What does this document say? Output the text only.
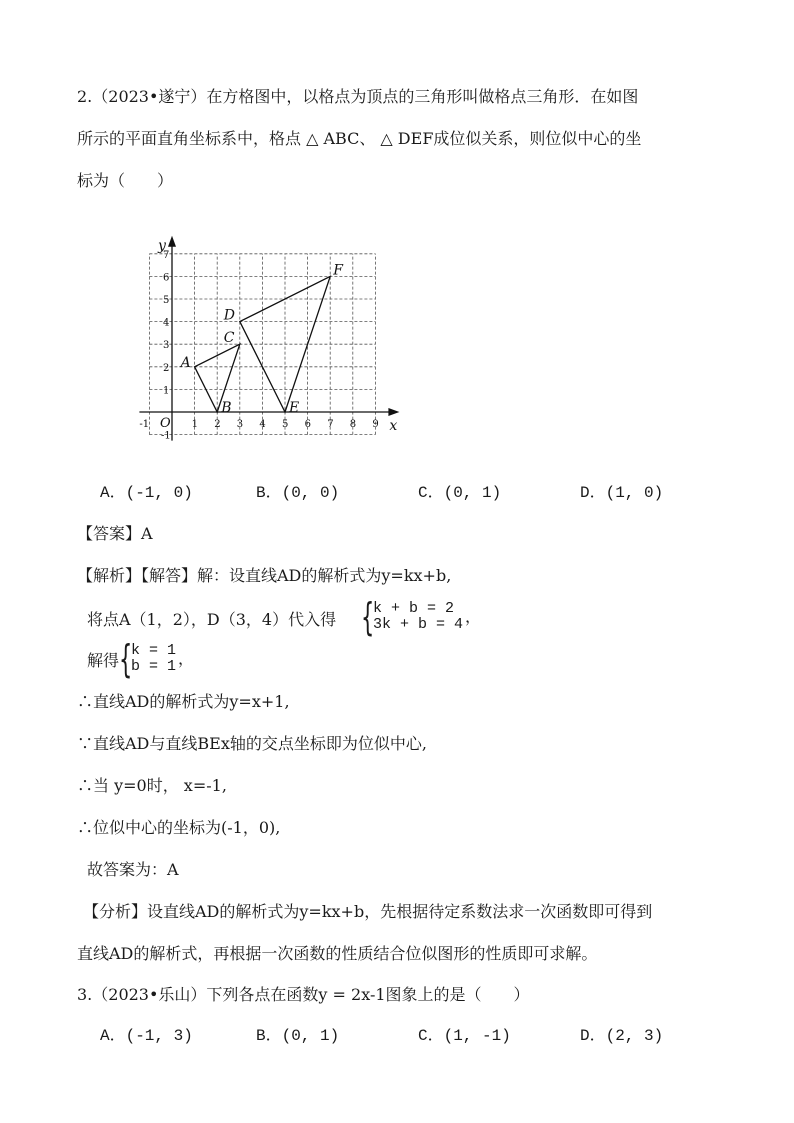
2.（2023•遂宁）在方格图中，以格点为顶点的三角形叫做格点三角形．在如图
所示的平面直角坐标系中，格点 △ ABC、 △ DEF成位似关系，则位似中心的坐
标为（　　）
-1	1 2 3 4 5 6 7 8 9
-1
1
2
3
4
5
6
7
O	x
y
A
B
C
D
E
F
A．(-1, 0)	B．(0, 0)	C．(0, 1)	D．(1, 0)
【答案】A
【解析】【解答】解：设直线AD的解析式为y=kx+b,
将点A（1，2），D（3，4）代入得 {
k + b = 2
3k + b = 4 ，
解得 {
k = 1
b = 1 ，
∴直线AD的解析式为y=x+1,
∵直线AD与直线BEx轴的交点坐标即为位似中心,
∴当 y=0时， x=-1,
∴位似中心的坐标为(-1，0),
故答案为：A
【分析】设直线AD的解析式为y=kx+b，先根据待定系数法求一次函数即可得到
直线AD的解析式，再根据一次函数的性质结合位似图形的性质即可求解。
3.（2023•乐山）下列各点在函数y = 2x-1图象上的是（　　）
A．(-1, 3)	B．(0, 1)	C．(1, -1)	D．(2, 3)
